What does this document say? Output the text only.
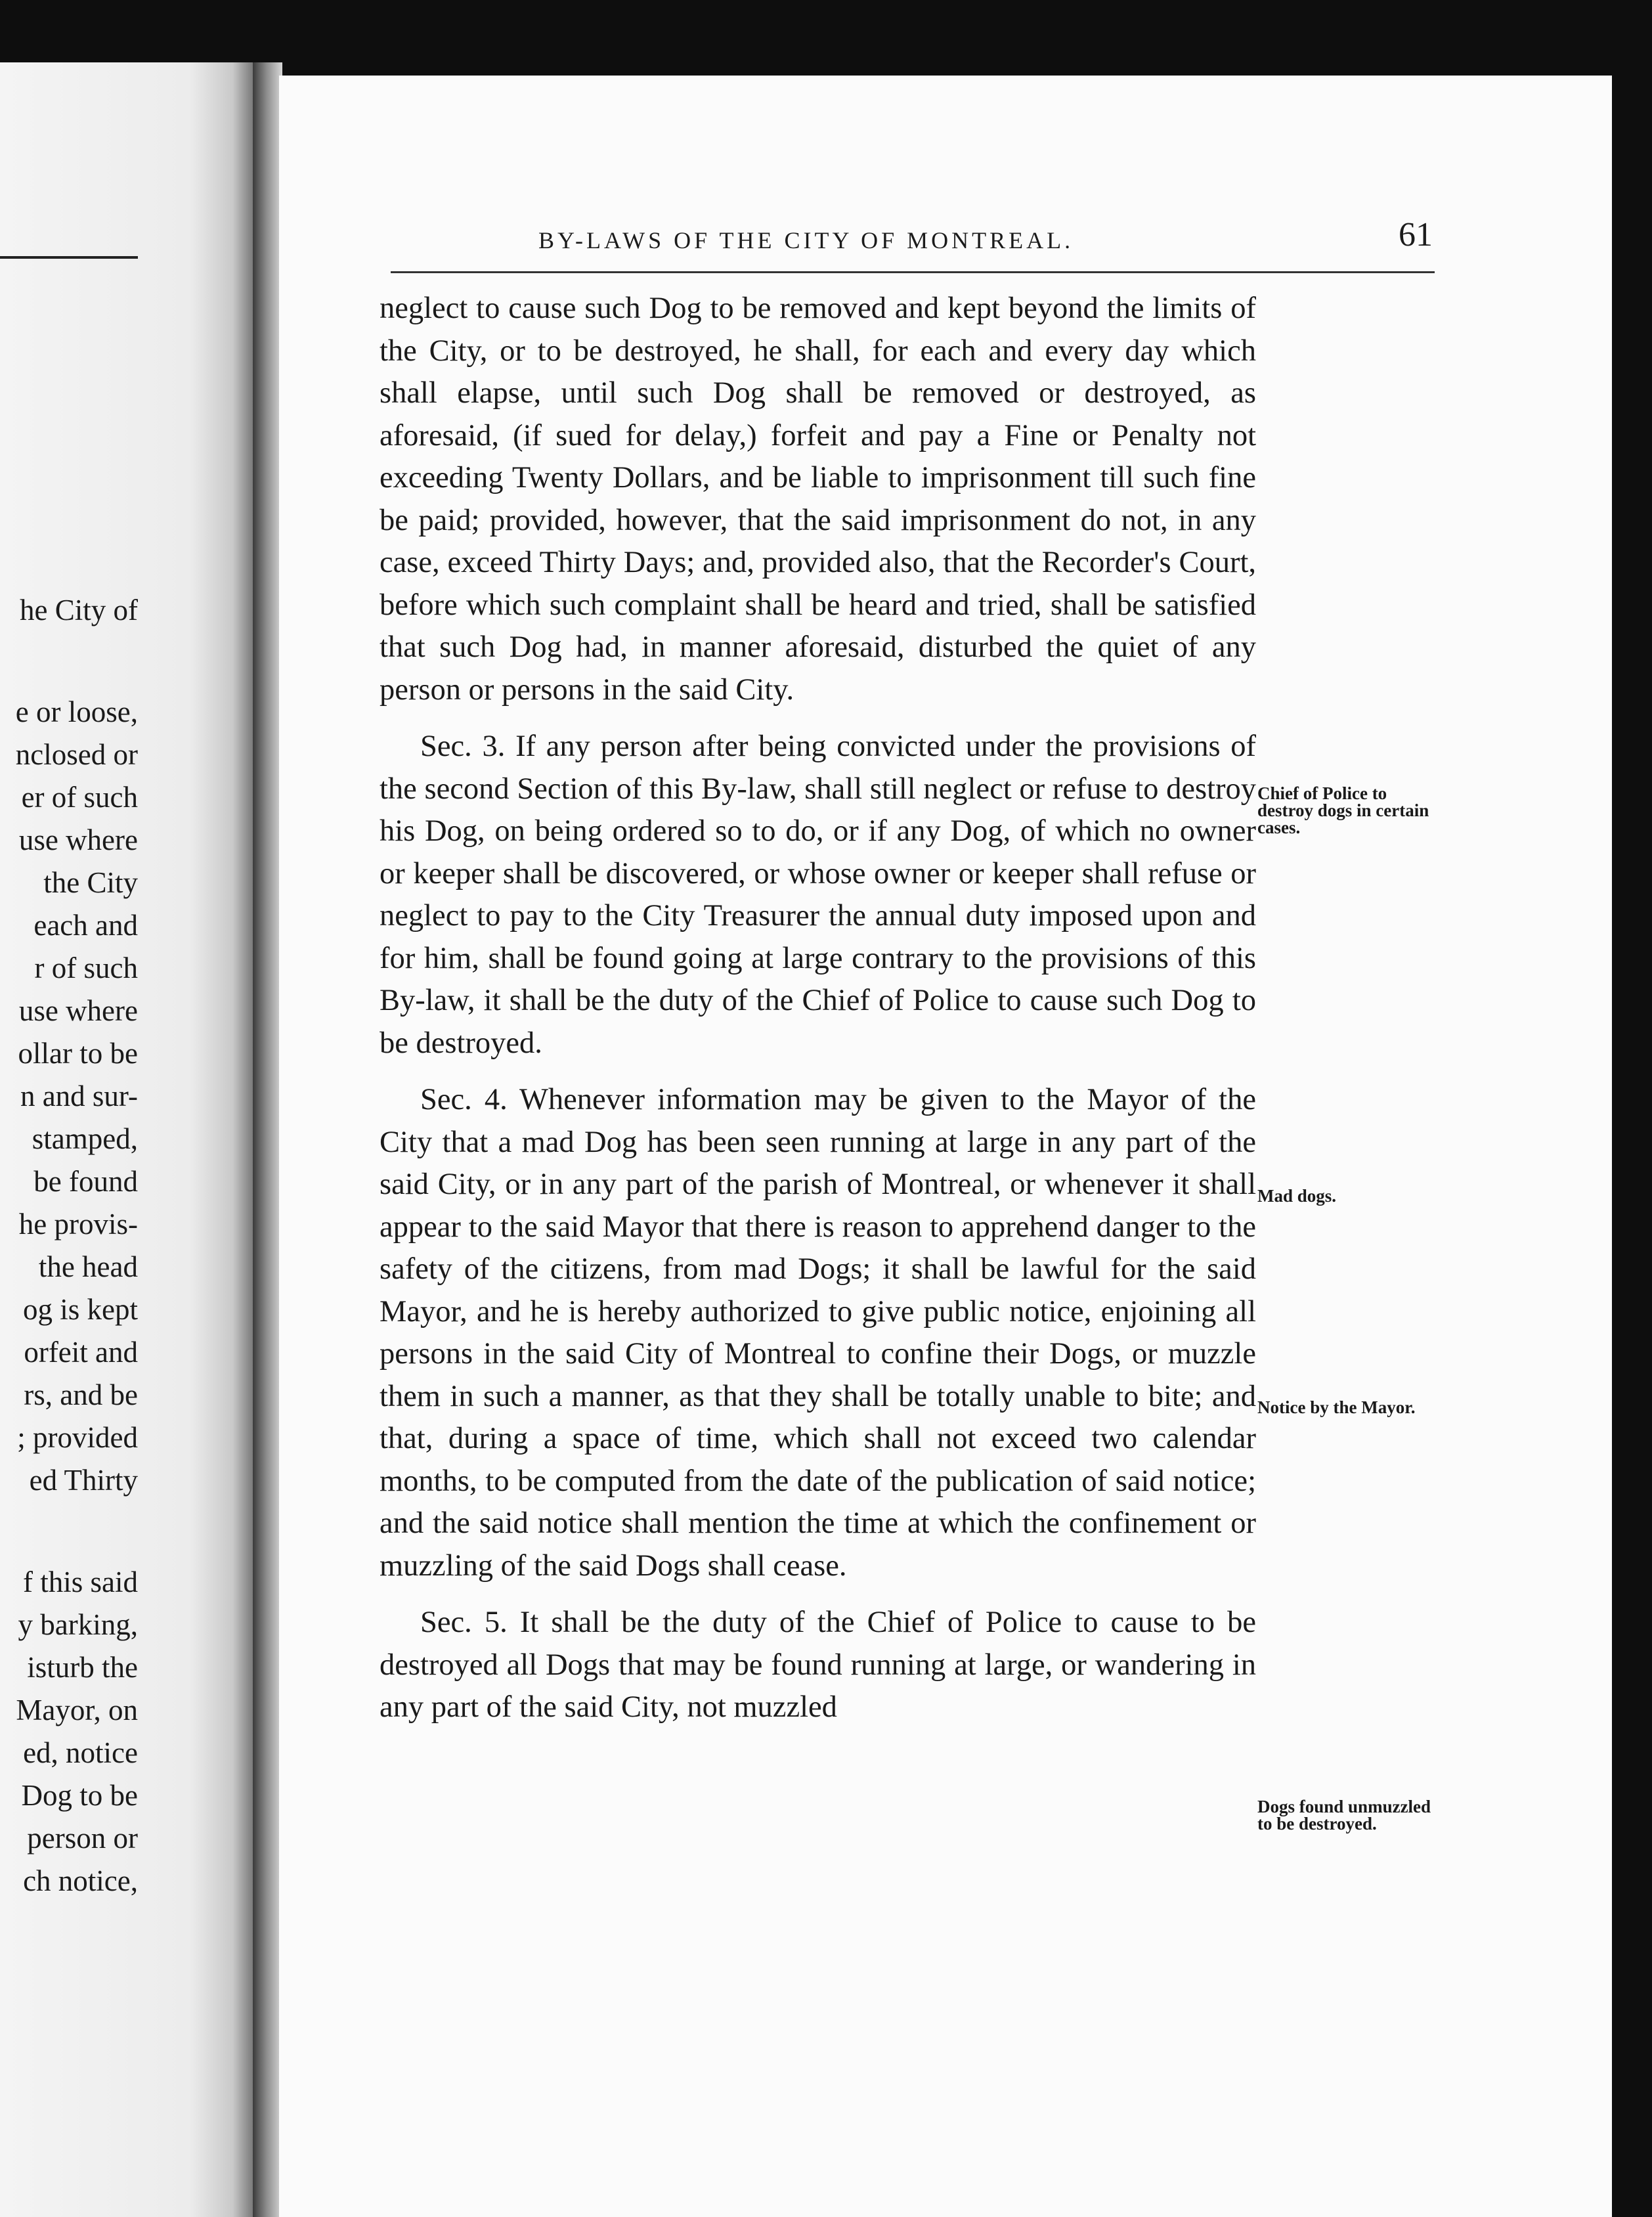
he City of
e or loose,
nclosed or
er of such
use where
the City
each and
r of such
use where
ollar to be
n and sur-
stamped,
be found
he provis-
the head
og is kept
orfeit and
rs, and be
; provided
ed Thirty
f this said
y barking,
isturb the
Mayor, on
ed, notice
Dog to be
person or
ch notice,
BY-LAWS OF THE CITY OF MONTREAL.	61

neglect to cause such Dog to be removed and kept beyond the limits of the City, or to be destroyed, he shall, for each and every day which shall elapse, until such Dog shall be removed or destroyed, as aforesaid, (if sued for delay,) forfeit and pay a Fine or Penalty not exceeding Twenty Dollars, and be liable to imprisonment till such fine be paid; provided, however, that the said imprisonment do not, in any case, exceed Thirty Days; and, provided also, that the Recorder's Court, before which such complaint shall be heard and tried, shall be satisfied that such Dog had, in manner aforesaid, disturbed the quiet of any person or persons in the said City.

Sec. 3. If any person after being convicted under the provisions of the second Section of this By-law, shall still neglect or refuse to destroy his Dog, on being ordered so to do, or if any Dog, of which no owner or keeper shall be discovered, or whose owner or keeper shall refuse or neglect to pay to the City Treasurer the annual duty imposed upon and for him, shall be found going at large contrary to the provisions of this By-law, it shall be the duty of the Chief of Police to cause such Dog to be destroyed.

Sec. 4. Whenever information may be given to the Mayor of the City that a mad Dog has been seen running at large in any part of the said City, or in any part of the parish of Montreal, or whenever it shall appear to the said Mayor that there is reason to apprehend danger to the safety of the citizens, from mad Dogs; it shall be lawful for the said Mayor, and he is hereby authorized to give public notice, enjoining all persons in the said City of Montreal to confine their Dogs, or muzzle them in such a manner, as that they shall be totally unable to bite; and that, during a space of time, which shall not exceed two calendar months, to be computed from the date of the publication of said notice; and the said notice shall mention the time at which the confinement or muzzling of the said Dogs shall cease.

Sec. 5. It shall be the duty of the Chief of Police to cause to be destroyed all Dogs that may be found running at large, or wandering in any part of the said City, not muzzled

Chief of Police to destroy dogs in certain cases.
Mad dogs.
Notice by the Mayor.
Dogs found unmuzzled to be destroyed.
